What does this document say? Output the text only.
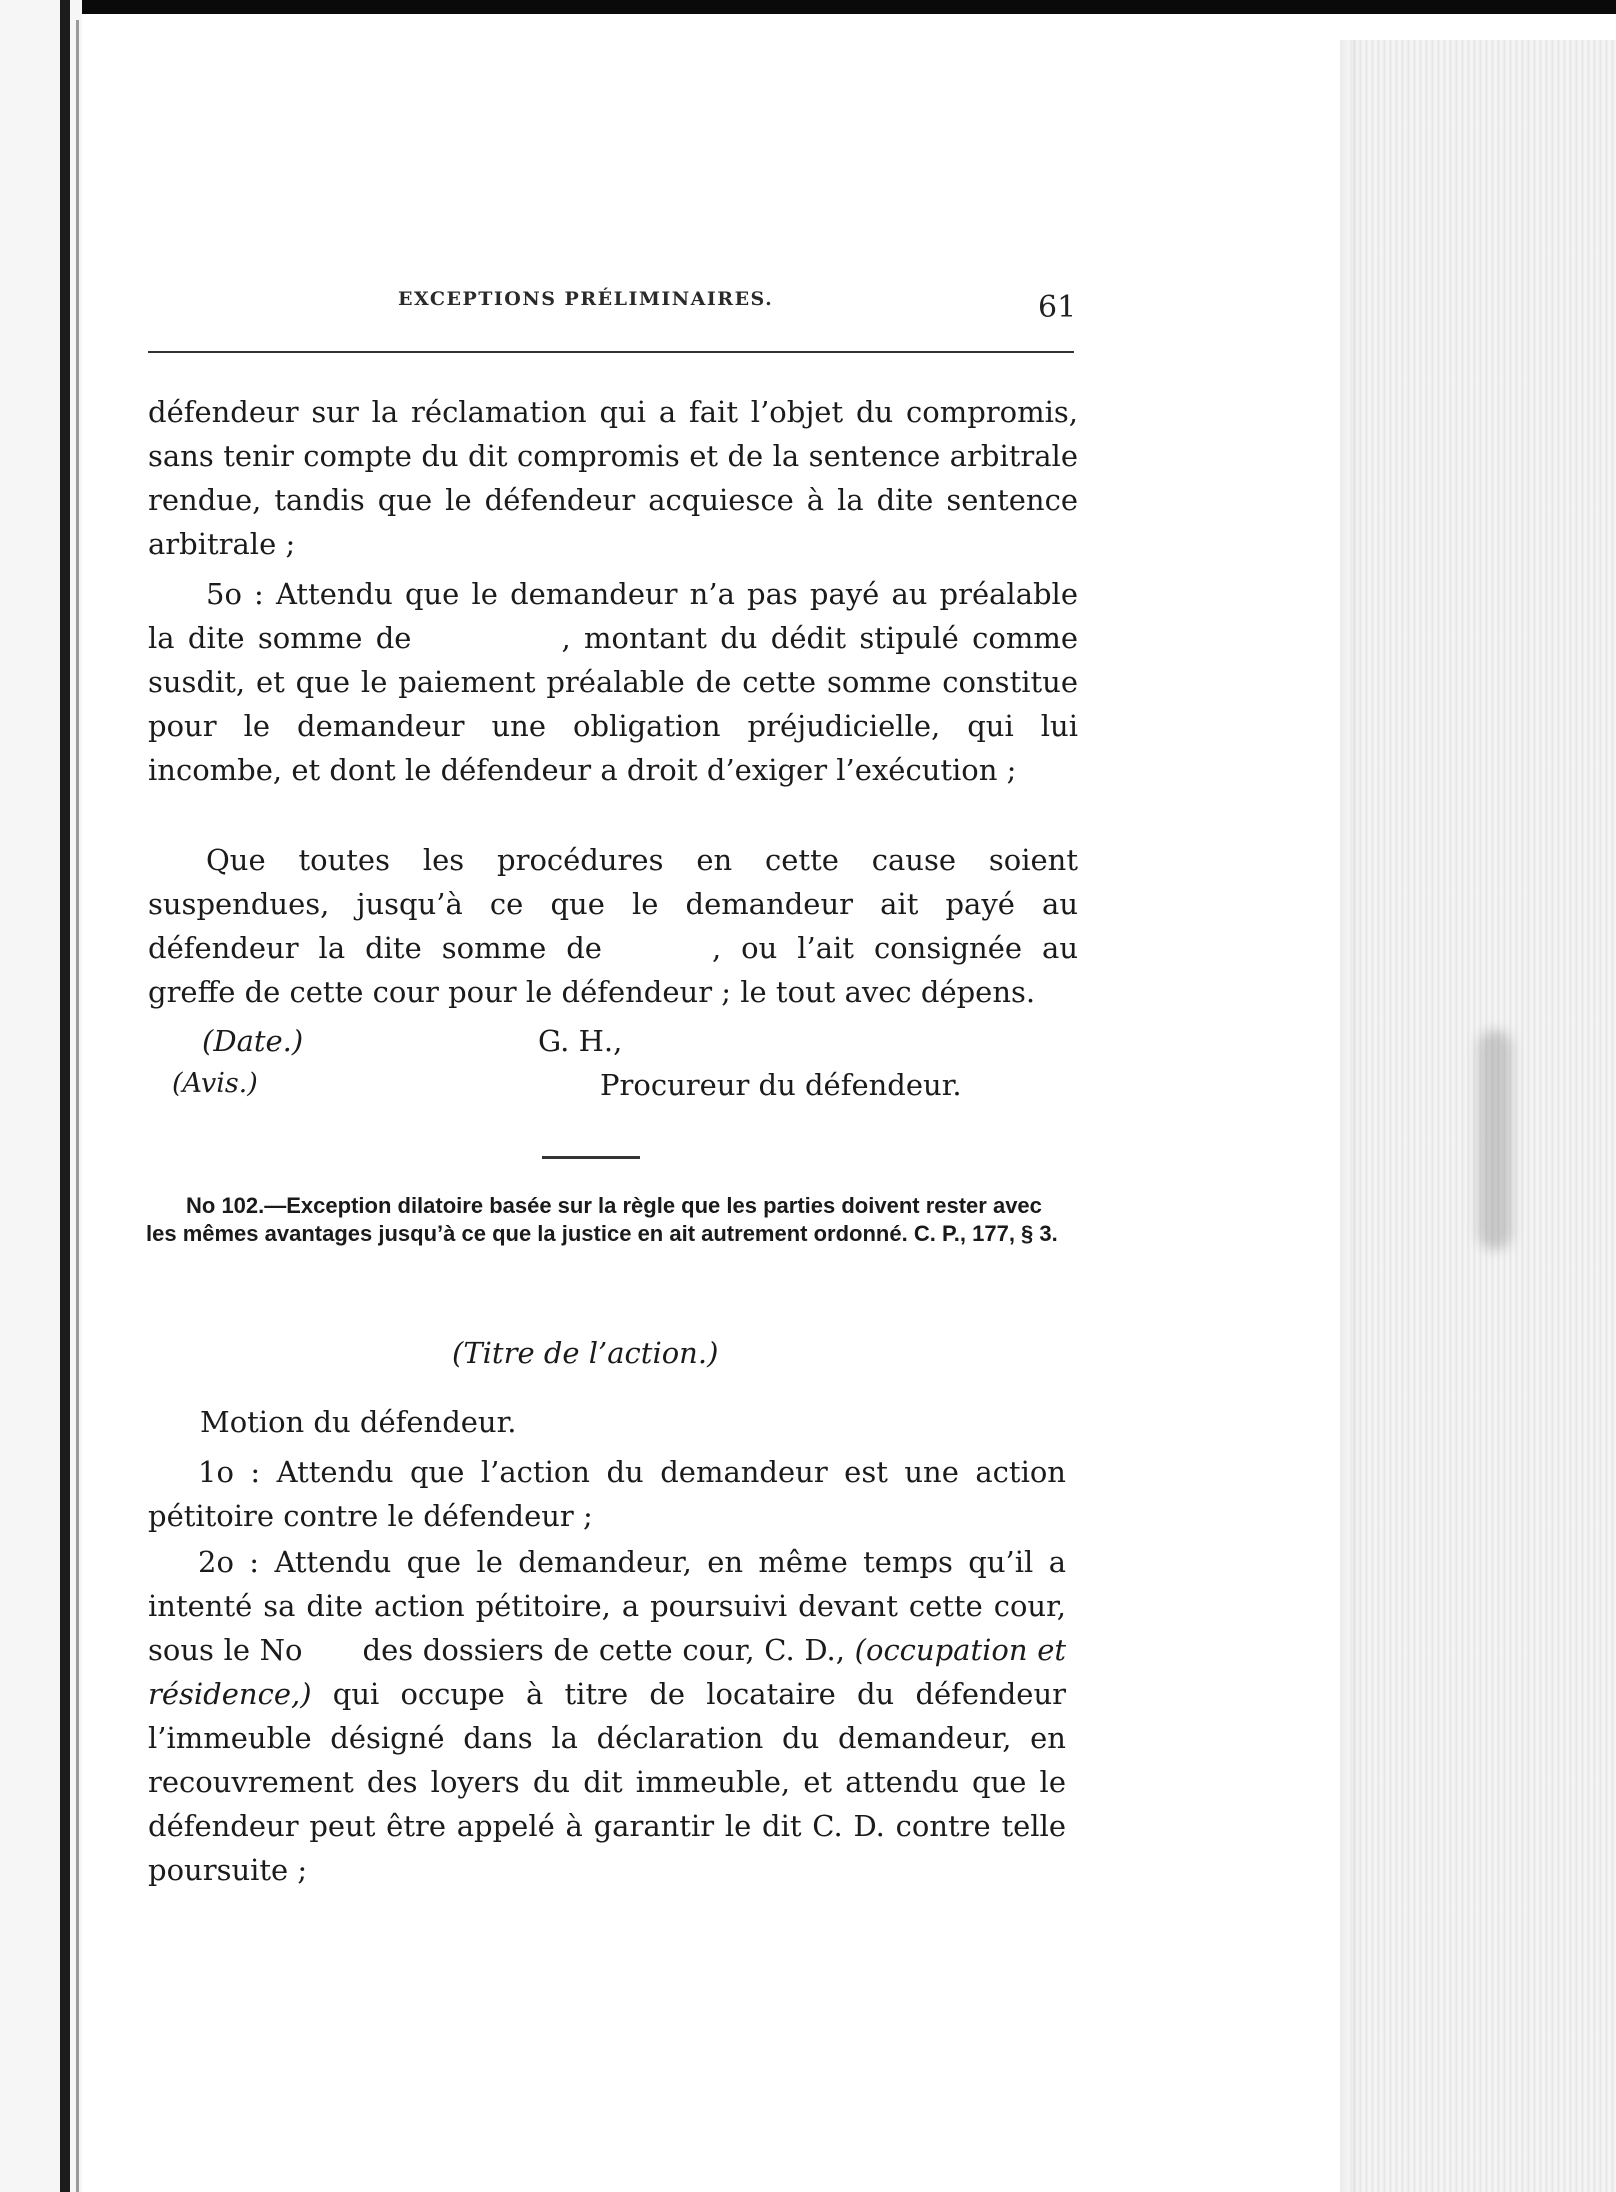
EXCEPTIONS PRÉLIMINAIRES.	61

défendeur sur la réclamation qui a fait l’objet du compromis, sans tenir compte du dit compromis et de la sentence arbitrale rendue, tandis que le défendeur acquiesce à la dite sentence arbitrale ;

5o : Attendu que le demandeur n’a pas payé au préalable la dite somme de	, montant du dédit stipulé comme susdit, et que le paiement préalable de cette somme constitue pour le demandeur une obligation préjudicielle, qui lui incombe, et dont le défendeur a droit d’exiger l’exécution ;

Que toutes les procédures en cette cause soient suspendues, jusqu’à ce que le demandeur ait payé au défendeur la dite somme de	, ou l’ait consignée au greffe de cette cour pour le défendeur ; le tout avec dépens.

(Date.)	G. H.,
(Avis.)	Procureur du défendeur.

No 102.—Exception dilatoire basée sur la règle que les parties doivent rester avec les mêmes avantages jusqu’à ce que la justice en ait autrement ordonné. C. P., 177, § 3.

(Titre de l’action.)

Motion du défendeur.

1o : Attendu que l’action du demandeur est une action pétitoire contre le défendeur ;

2o : Attendu que le demandeur, en même temps qu’il a intenté sa dite action pétitoire, a poursuivi devant cette cour, sous le No des dossiers de cette cour, C. D., (occupation et résidence,) qui occupe à titre de locataire du défendeur l’immeuble désigné dans la déclaration du demandeur, en recouvrement des loyers du dit immeuble, et attendu que le défendeur peut être appelé à garantir le dit C. D. contre telle poursuite ;
